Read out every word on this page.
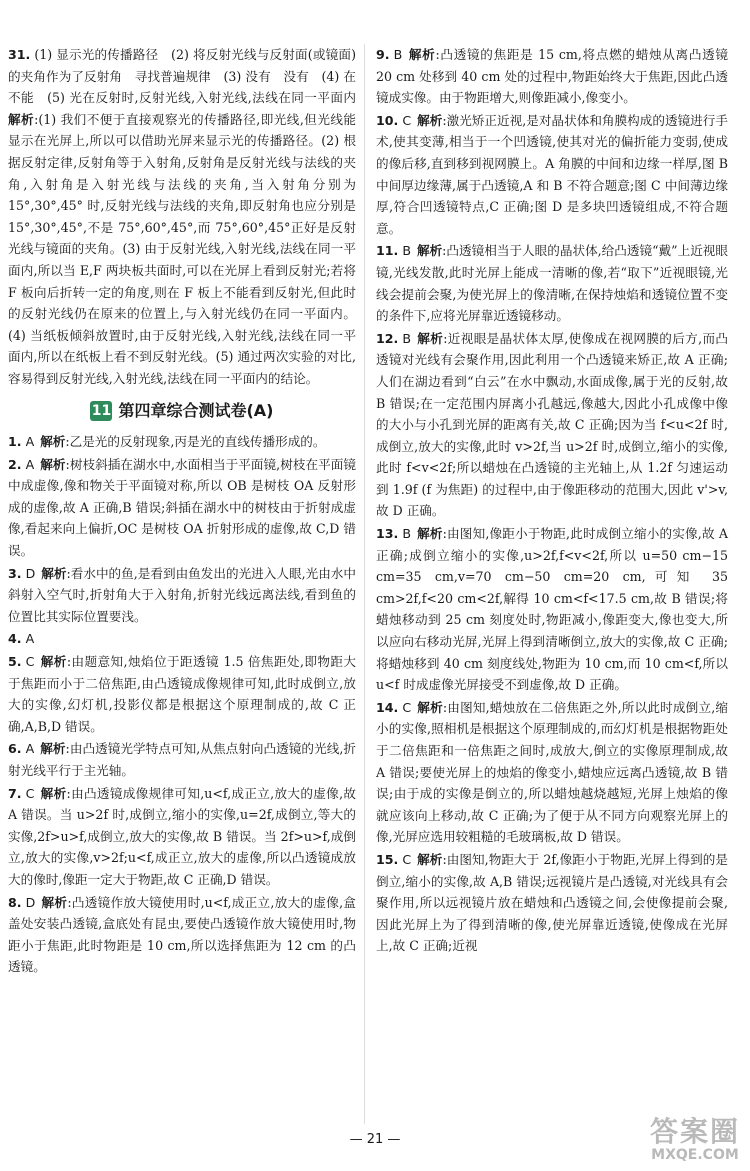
31. (1) 显示光的传播路径　(2) 将反射光线与反射面(或镜面)的夹角作为了反射角　寻找普遍规律　(3) 没有　没有　(4) 在　不能　(5) 光在反射时,反射光线,入射光线,法线在同一平面内　解析:(1) 我们不便于直接观察光的传播路径,即光线,但光线能显示在光屏上,所以可以借助光屏来显示光的传播路径。(2) 根据反射定律,反射角等于入射角,反射角是反射光线与法线的夹角,入射角是入射光线与法线的夹角,当入射角分别为 15°,30°,45° 时,反射光线与法线的夹角,即反射角也应分别是 15°,30°,45°,不是 75°,60°,45°,而 75°,60°,45°正好是反射光线与镜面的夹角。(3) 由于反射光线,入射光线,法线在同一平面内,所以当 E,F 两块板共面时,可以在光屏上看到反射光;若将 F 板向后折转一定的角度,则在 F 板上不能看到反射光,但此时的反射光线仍在原来的位置上,与入射光线仍在同一平面内。(4) 当纸板倾斜放置时,由于反射光线,入射光线,法线在同一平面内,所以在纸板上看不到反射光线。(5) 通过两次实验的对比,容易得到反射光线,入射光线,法线在同一平面内的结论。
11 第四章综合测试卷(A)
1. A 解析:乙是光的反射现象,丙是光的直线传播形成的。
2. A 解析:树枝斜插在湖水中,水面相当于平面镜,树枝在平面镜中成虚像,像和物关于平面镜对称,所以 OB 是树枝 OA 反射形成的虚像,故 A 正确,B 错误;斜插在湖水中的树枝由于折射成虚像,看起来向上偏折,OC 是树枝 OA 折射形成的虚像,故 C,D 错误。
3. D 解析:看水中的鱼,是看到由鱼发出的光进入人眼,光由水中斜射入空气时,折射角大于入射角,折射光线远离法线,看到鱼的位置比其实际位置要浅。
4. A
5. C 解析:由题意知,烛焰位于距透镜 1.5 倍焦距处,即物距大于焦距而小于二倍焦距,由凸透镜成像规律可知,此时成倒立,放大的实像,幻灯机,投影仪都是根据这个原理制成的,故 C 正确,A,B,D 错误。
6. A 解析:由凸透镜光学特点可知,从焦点射向凸透镜的光线,折射光线平行于主光轴。
7. C 解析:由凸透镜成像规律可知,u<f,成正立,放大的虚像,故 A 错误。当 u>2f 时,成倒立,缩小的实像,u=2f,成倒立,等大的实像,2f>u>f,成倒立,放大的实像,故 B 错误。当 2f>u>f,成倒立,放大的实像,v>2f;u<f,成正立,放大的虚像,所以凸透镜成放大的像时,像距一定大于物距,故 C 正确,D 错误。
8. D 解析:凸透镜作放大镜使用时,u<f,成正立,放大的虚像,盒盖处安装凸透镜,盒底处有昆虫,要使凸透镜作放大镜使用时,物距小于焦距,此时物距是 10 cm,所以选择焦距为 12 cm 的凸透镜。
9. B 解析:凸透镜的焦距是 15 cm,将点燃的蜡烛从离凸透镜 20 cm 处移到 40 cm 处的过程中,物距始终大于焦距,因此凸透镜成实像。由于物距增大,则像距减小,像变小。
10. C 解析:激光矫正近视,是对晶状体和角膜构成的透镜进行手术,使其变薄,相当于一个凹透镜,使其对光的偏折能力变弱,使成的像后移,直到移到视网膜上。A 角膜的中间和边缘一样厚,图 B 中间厚边缘薄,属于凸透镜,A 和 B 不符合题意;图 C 中间薄边缘厚,符合凹透镜特点,C 正确;图 D 是多块凹透镜组成,不符合题意。
11. B 解析:凸透镜相当于人眼的晶状体,给凸透镜“戴”上近视眼镜,光线发散,此时光屏上能成一清晰的像,若“取下”近视眼镜,光线会提前会聚,为使光屏上的像清晰,在保持烛焰和透镜位置不变的条件下,应将光屏靠近透镜移动。
12. B 解析:近视眼是晶状体太厚,使像成在视网膜的后方,而凸透镜对光线有会聚作用,因此利用一个凸透镜来矫正,故 A 正确;人们在湖边看到“白云”在水中飘动,水面成像,属于光的反射,故 B 错误;在一定范围内屏离小孔越远,像越大,因此小孔成像中像的大小与小孔到光屏的距离有关,故 C 正确;因为当 f<u<2f 时,成倒立,放大的实像,此时 v>2f,当 u>2f 时,成倒立,缩小的实像,此时 f<v<2f;所以蜡烛在凸透镜的主光轴上,从 1.2f 匀速运动到 1.9f (f 为焦距) 的过程中,由于像距移动的范围大,因此 v'>v,故 D 正确。
13. B 解析:由图知,像距小于物距,此时成倒立缩小的实像,故 A 正确;成倒立缩小的实像,u>2f,f<v<2f,所以 u=50 cm−15 cm=35 cm,v=70 cm−50 cm=20 cm,可知 35 cm>2f,f<20 cm<2f,解得 10 cm<f<17.5 cm,故 B 错误;将蜡烛移动到 25 cm 刻度处时,物距减小,像距变大,像也变大,所以应向右移动光屏,光屏上得到清晰倒立,放大的实像,故 C 正确;将蜡烛移到 40 cm 刻度线处,物距为 10 cm,而 10 cm<f,所以 u<f 时成虚像光屏接受不到虚像,故 D 正确。
14. C 解析:由图知,蜡烛放在二倍焦距之外,所以此时成倒立,缩小的实像,照相机是根据这个原理制成的,而幻灯机是根据物距处于二倍焦距和一倍焦距之间时,成放大,倒立的实像原理制成,故 A 错误;要使光屏上的烛焰的像变小,蜡烛应远离凸透镜,故 B 错误;由于成的实像是倒立的,所以蜡烛越烧越短,光屏上烛焰的像就应该向上移动,故 C 正确;为了便于从不同方向观察光屏上的像,光屏应选用较粗糙的毛玻璃板,故 D 错误。
15. C 解析:由图知,物距大于 2f,像距小于物距,光屏上得到的是倒立,缩小的实像,故 A,B 错误;远视镜片是凸透镜,对光线具有会聚作用,所以远视镜片放在蜡烛和凸透镜之间,会使像提前会聚,因此光屏上为了得到清晰的像,使光屏靠近透镜,使像成在光屏上,故 C 正确;近视
— 21 —	答案圈
MXQE.COM
